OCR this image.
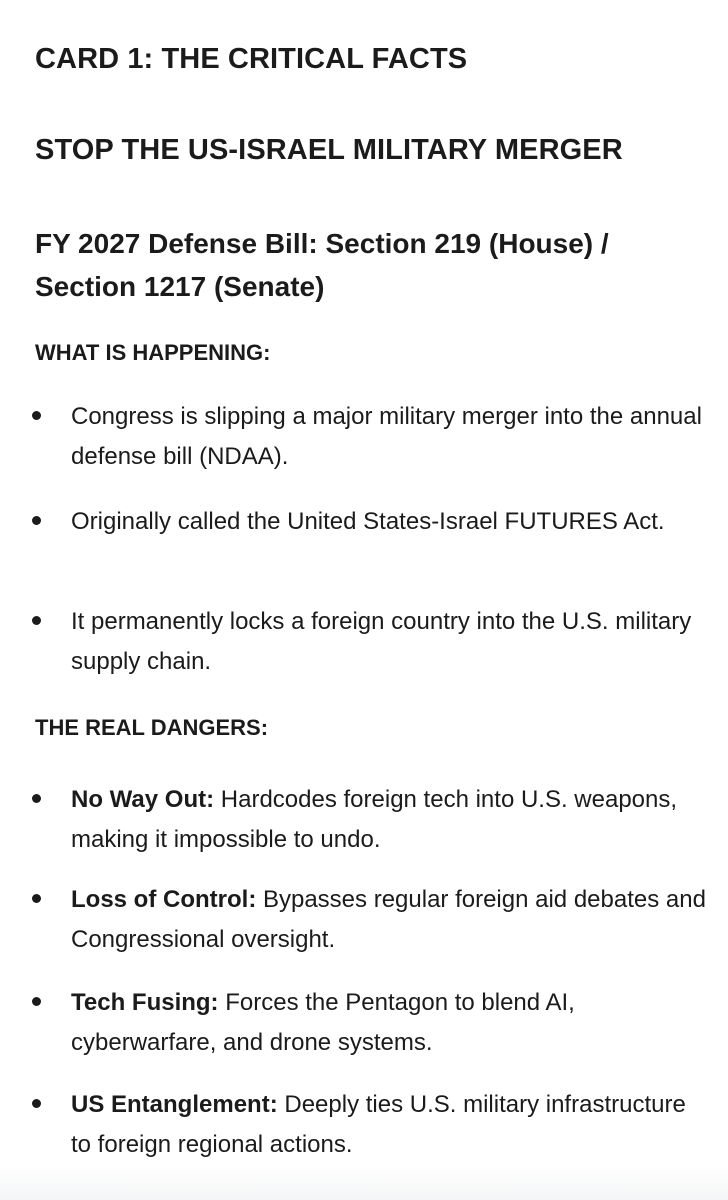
CARD 1: THE CRITICAL FACTS
STOP THE US-ISRAEL MILITARY MERGER
FY 2027 Defense Bill: Section 219 (House) / Section 1217 (Senate)
WHAT IS HAPPENING:
Congress is slipping a major military merger into the annual defense bill (NDAA).
Originally called the United States-Israel FUTURES Act.
It permanently locks a foreign country into the U.S. military supply chain.
THE REAL DANGERS:
No Way Out: Hardcodes foreign tech into U.S. weapons, making it impossible to undo.
Loss of Control: Bypasses regular foreign aid debates and Congressional oversight.
Tech Fusing: Forces the Pentagon to blend AI, cyberwarfare, and drone systems.
US Entanglement: Deeply ties U.S. military infrastructure to foreign regional actions.
